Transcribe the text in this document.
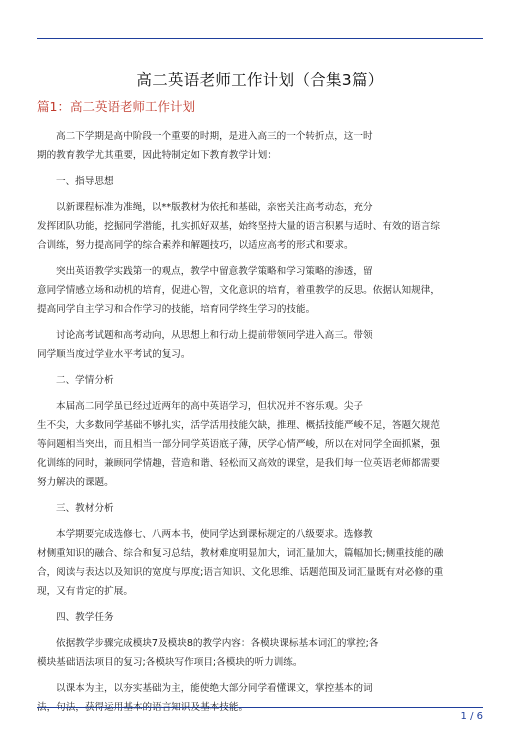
高二英语老师工作计划（合集3篇）
篇1：高二英语老师工作计划
高二下学期是高中阶段一个重要的时期，是进入高三的一个转折点，这一时
期的教育教学尤其重要，因此特制定如下教育教学计划：
一、指导思想
以新课程标准为准绳，以**版教材为依托和基础，亲密关注高考动态，充分
发挥团队功能，挖掘同学潜能，扎实抓好双基，始终坚持大量的语言积累与适时、有效的语言综
合训练，努力提高同学的综合素养和解题技巧，以适应高考的形式和要求。
突出英语教学实践第一的观点，教学中留意教学策略和学习策略的渗透，留
意同学情感立场和动机的培育，促进心智，文化意识的培育，着重教学的反思。依据认知规律，
提高同学自主学习和合作学习的技能，培育同学终生学习的技能。
讨论高考试题和高考动向，从思想上和行动上提前带领同学进入高三。带领
同学顺当度过学业水平考试的复习。
二、学情分析
本届高二同学虽已经过近两年的高中英语学习，但状况并不容乐观。尖子
生不尖，大多数同学基础不够扎实，活学活用技能欠缺，推理、概括技能严峻不足，答题欠规范
等问题相当突出，而且相当一部分同学英语底子薄，厌学心情严峻，所以在对同学全面抓紧，强
化训练的同时，兼顾同学情趣，营造和谐、轻松而又高效的课堂，是我们每一位英语老师都需要
努力解决的课题。
三、教材分析
本学期要完成选修七、八两本书，使同学达到课标规定的八级要求。选修教
材侧重知识的融合、综合和复习总结，教材难度明显加大，词汇量加大，篇幅加长;侧重技能的融
合，阅读与表达以及知识的宽度与厚度;语言知识、文化思维、话题范围及词汇量既有对必修的重
现，又有肯定的扩展。
四、教学任务
依据教学步骤完成模块7及模块8的教学内容：各模块课标基本词汇的掌控;各
模块基础语法项目的复习;各模块写作项目;各模块的听力训练。
以课本为主，以夯实基础为主，能使绝大部分同学看懂课文，掌控基本的词
1 / 6
